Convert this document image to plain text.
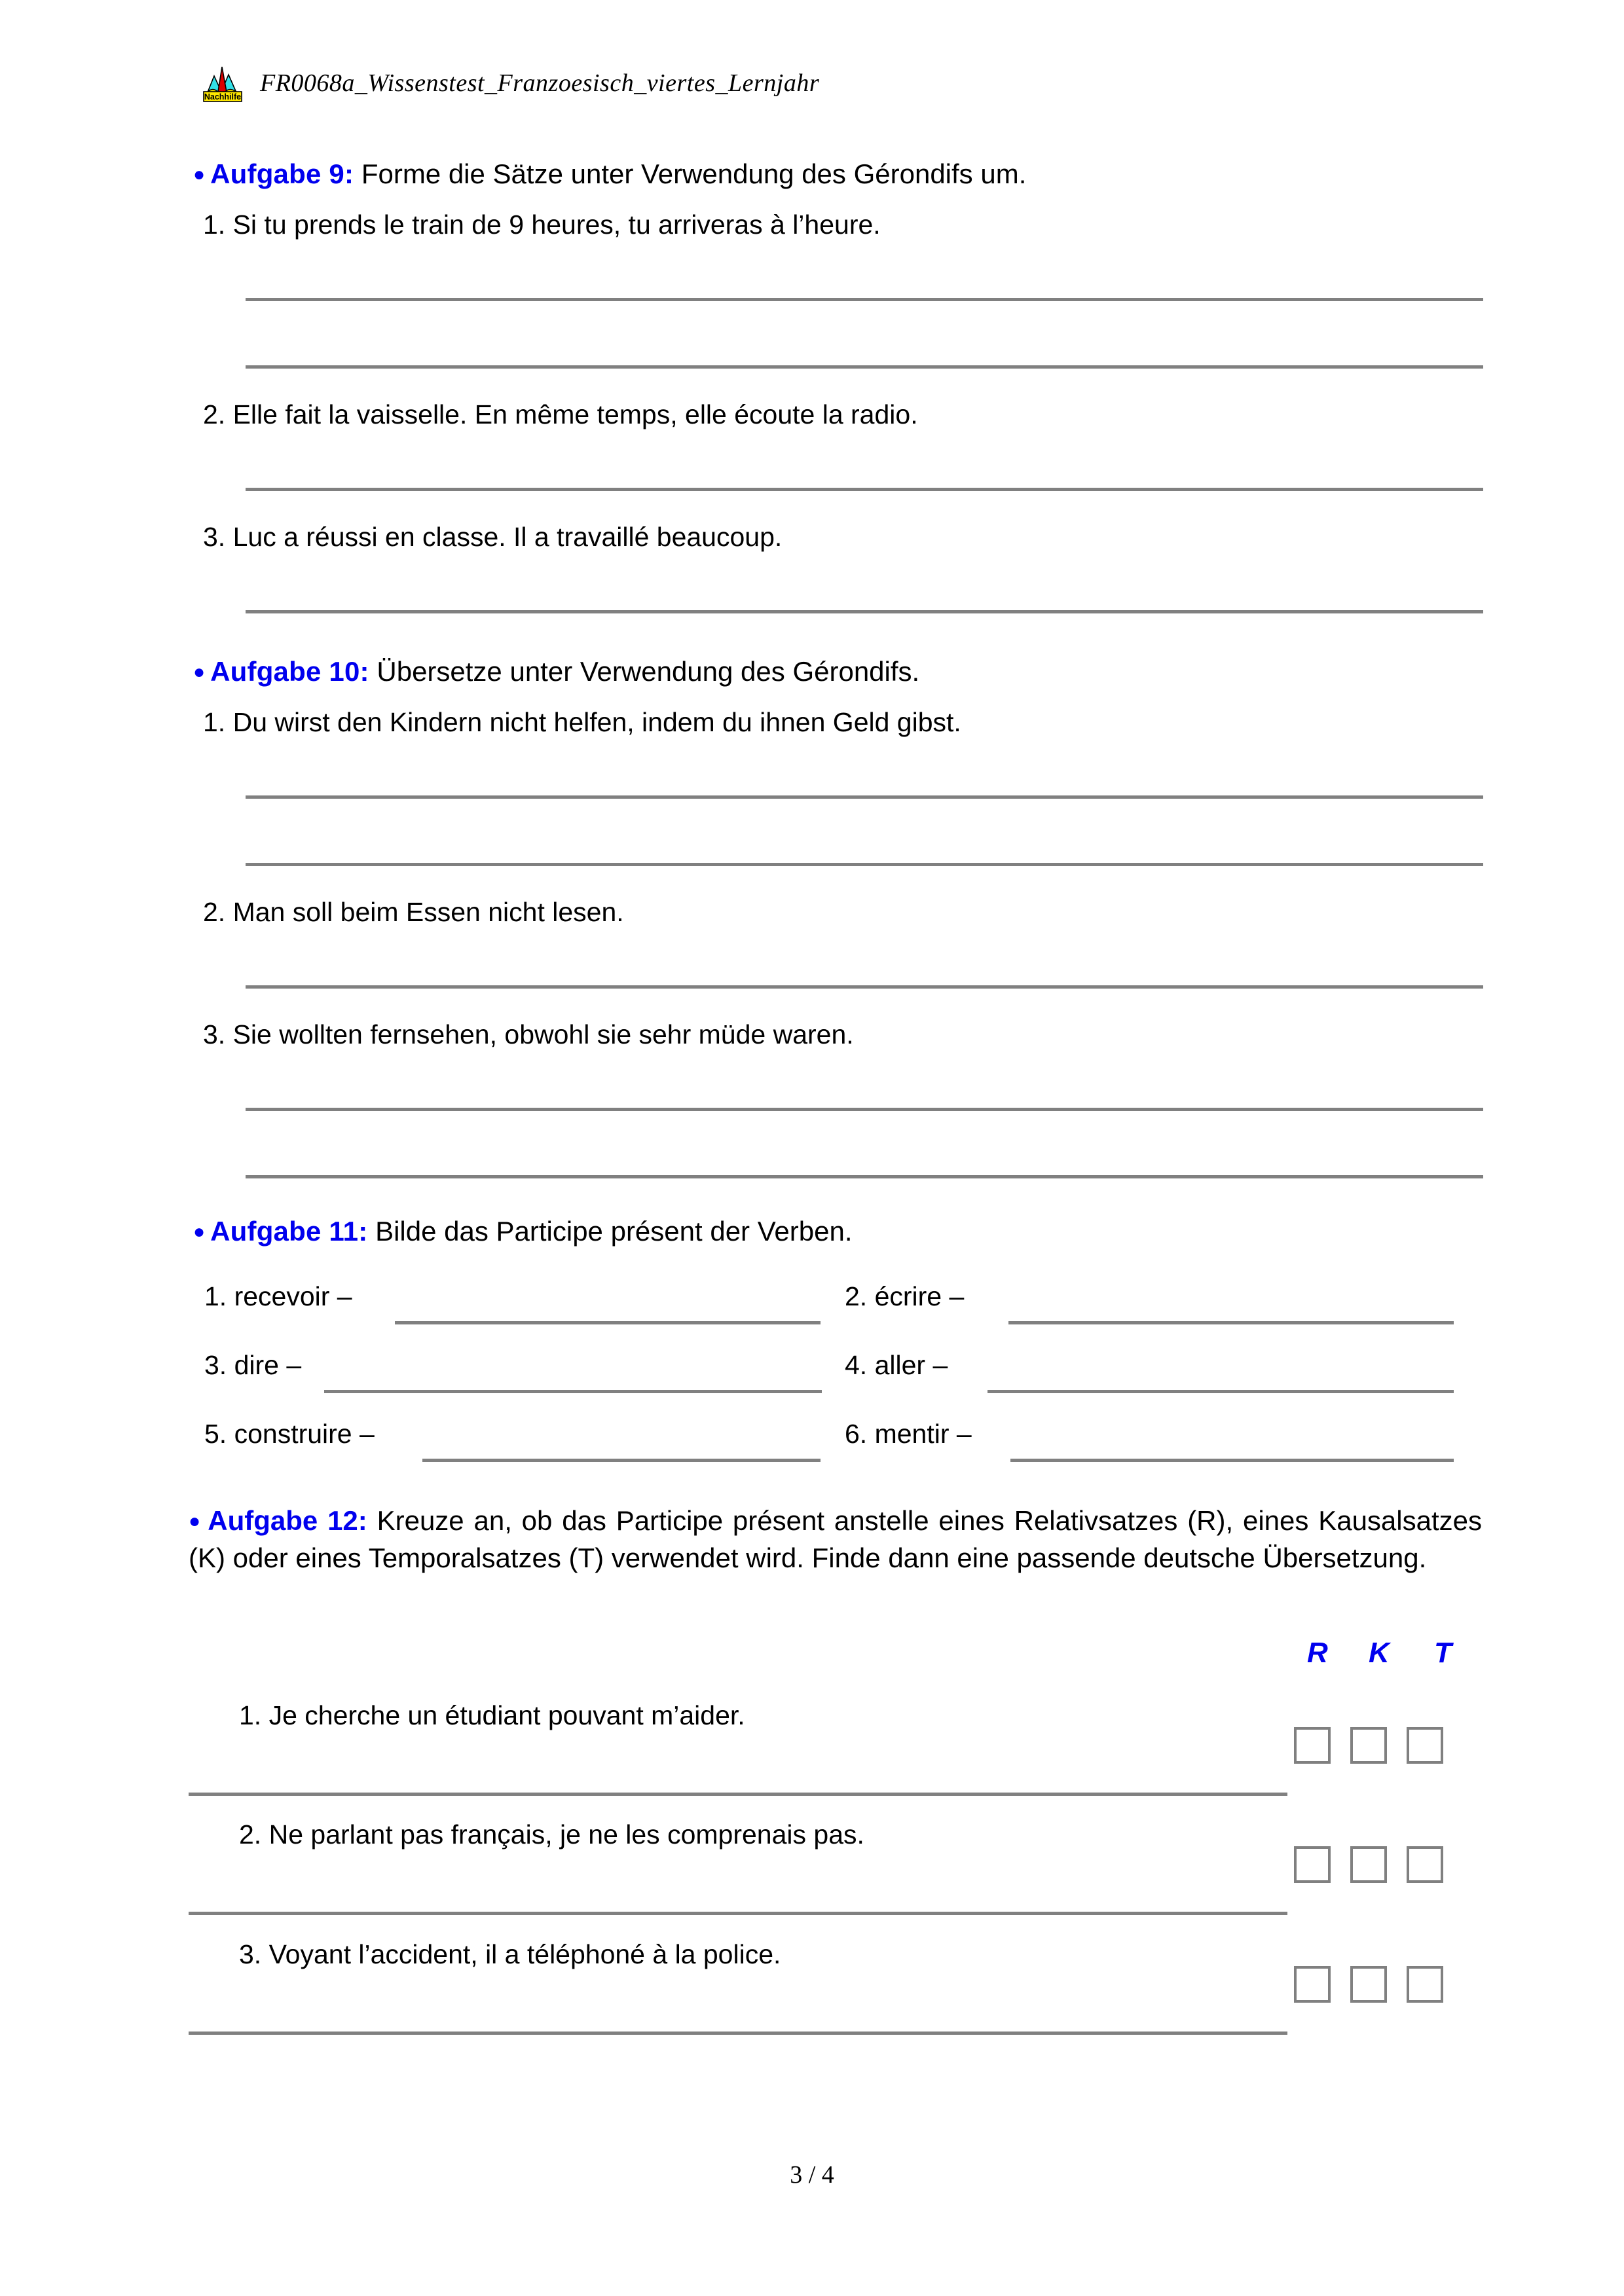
Nachhilfe FR0068a_Wissenstest_Franzoesisch_viertes_Lernjahr
● Aufgabe 9: Forme die Sätze unter Verwendung des Gérondifs um.
1. Si tu prends le train de 9 heures, tu arriveras à l’heure.
2. Elle fait la vaisselle. En même temps, elle écoute la radio.
3. Luc a réussi en classe. Il a travaillé beaucoup.
● Aufgabe 10: Übersetze unter Verwendung des Gérondifs.
1. Du wirst den Kindern nicht helfen, indem du ihnen Geld gibst.
2. Man soll beim Essen nicht lesen.
3. Sie wollten fernsehen, obwohl sie sehr müde waren.
● Aufgabe 11: Bilde das Participe présent der Verben.
1. recevoir –	2. écrire –
3. dire –	4. aller –
5. construire –	6. mentir –
● Aufgabe 12: Kreuze an, ob das Participe présent anstelle eines Relativsatzes (R), eines Kausalsatzes (K) oder eines Temporalsatzes (T) verwendet wird. Finde dann eine passende deutsche Übersetzung.
R K T
1. Je cherche un étudiant pouvant m’aider.
2. Ne parlant pas français, je ne les comprenais pas.
3. Voyant l’accident, il a téléphoné à la police.
3 / 4
